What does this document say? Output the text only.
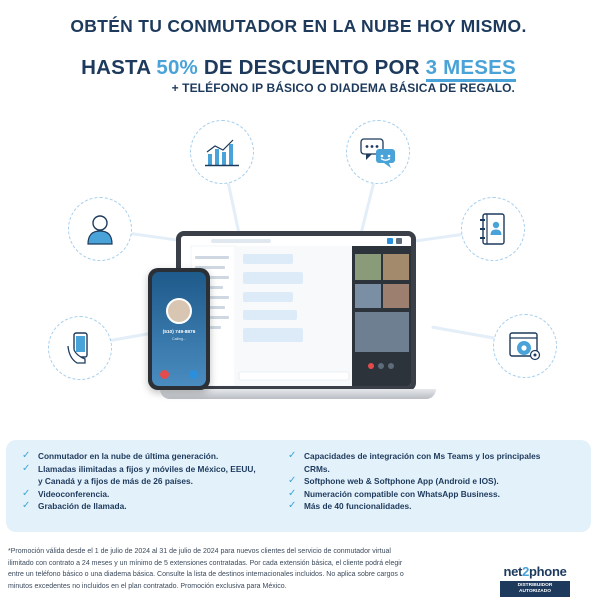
OBTÉN TU CONMUTADOR EN LA NUBE HOY MISMO.
HASTA 50% DE DESCUENTO POR 3 MESES
+ TELÉFONO IP BÁSICO O DIADEMA BÁSICA DE REGALO.
(510) 749-8876
Calling...
✓ Conmutador en la nube de última generación.
✓ Llamadas ilimitadas a fijos y móviles de México, EEUU,
y Canadá y a fijos de más de 26 países.
✓ Videoconferencia.
✓ Grabación de llamada.
✓ Capacidades de integración con Ms Teams y los principales CRMs.
✓ Softphone web & Softphone App (Android e IOS).
✓ Numeración compatible con WhatsApp Business.
✓ Más de 40 funcionalidades.
*Promoción válida desde el 1 de julio de 2024 al 31 de julio de 2024 para nuevos clientes del servicio de conmutador virtual ilimitado con contrato a 24 meses y un mínimo de 5 extensiones contratadas. Por cada extensión básica, el cliente podrá elegir entre un teléfono básico o una diadema básica. Consulte la lista de destinos internacionales incluidos. No aplica sobre cargos o minutos excedentes no incluidos en el plan contratado. Promoción exclusiva para México.
net2phone
DISTRIBUIDOR
AUTORIZADO
